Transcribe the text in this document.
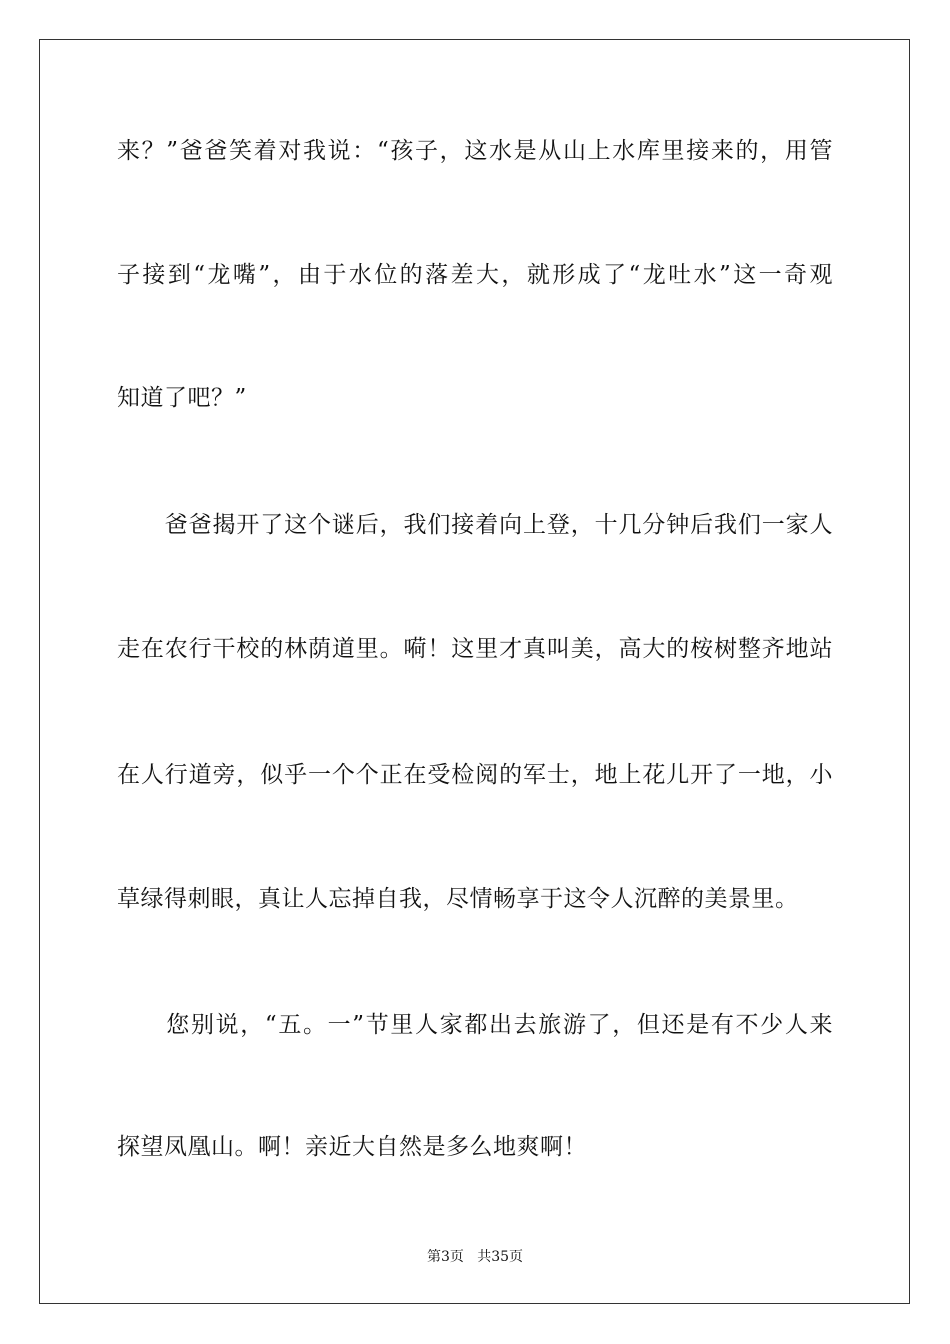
来？”爸爸笑着对我说：“孩子，这水是从山上水库里接来的，用管
子接到“龙嘴”，由于水位的落差大，就形成了“龙吐水”这一奇观
知道了吧？”
　　爸爸揭开了这个谜后，我们接着向上登，十几分钟后我们一家人
走在农行干校的林荫道里。嗬！这里才真叫美，高大的桉树整齐地站
在人行道旁，似乎一个个正在受检阅的军士，地上花儿开了一地，小
草绿得刺眼，真让人忘掉自我，尽情畅享于这令人沉醉的美景里。
　　您别说，“五。一”节里人家都出去旅游了，但还是有不少人来
探望凤凰山。啊！亲近大自然是多么地爽啊！
第3页   共35页
